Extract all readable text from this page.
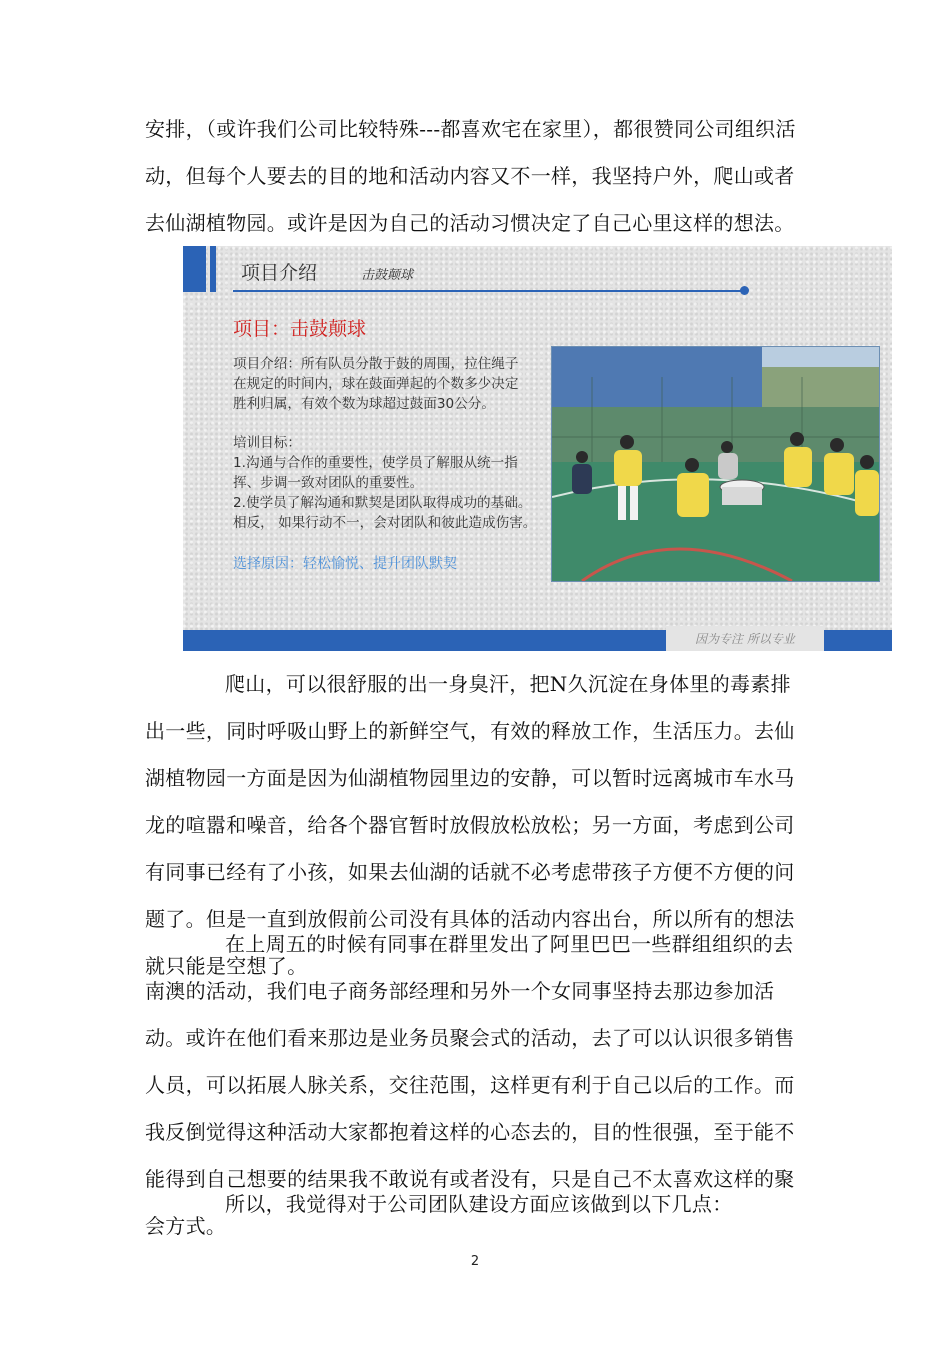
安排，（或许我们公司比较特殊---都喜欢宅在家里），都很赞同公司组织活动，但每个人要去的目的地和活动内容又不一样，我坚持户外，爬山或者去仙湖植物园。或许是因为自己的活动习惯决定了自己心里这样的想法。

项目介绍	击鼓颠球
项目：击鼓颠球
项目介绍：所有队员分散于鼓的周围，拉住绳子
在规定的时间内，球在鼓面弹起的个数多少决定
胜利归属，有效个数为球超过鼓面30公分。
培训目标：
1.沟通与合作的重要性，使学员了解服从统一指
挥、步调一致对团队的重要性。
2.使学员了解沟通和默契是团队取得成功的基础。
相反， 如果行动不一，会对团队和彼此造成伤害。
选择原因：轻松愉悦、提升团队默契
因为专注 所以专业

爬山，可以很舒服的出一身臭汗，把N久沉淀在身体里的毒素排出一些，同时呼吸山野上的新鲜空气，有效的释放工作，生活压力。去仙湖植物园一方面是因为仙湖植物园里边的安静，可以暂时远离城市车水马龙的喧嚣和噪音，给各个器官暂时放假放松放松；另一方面，考虑到公司有同事已经有了小孩，如果去仙湖的话就不必考虑带孩子方便不方便的问题了。但是一直到放假前公司没有具体的活动内容出台，所以所有的想法就只能是空想了。

在上周五的时候有同事在群里发出了阿里巴巴一些群组组织的去南澳的活动，我们电子商务部经理和另外一个女同事坚持去那边参加活动。或许在他们看来那边是业务员聚会式的活动，去了可以认识很多销售人员，可以拓展人脉关系，交往范围，这样更有利于自己以后的工作。而我反倒觉得这种活动大家都抱着这样的心态去的，目的性很强，至于能不能得到自己想要的结果我不敢说有或者没有，只是自己不太喜欢这样的聚会方式。

所以，我觉得对于公司团队建设方面应该做到以下几点：

2
